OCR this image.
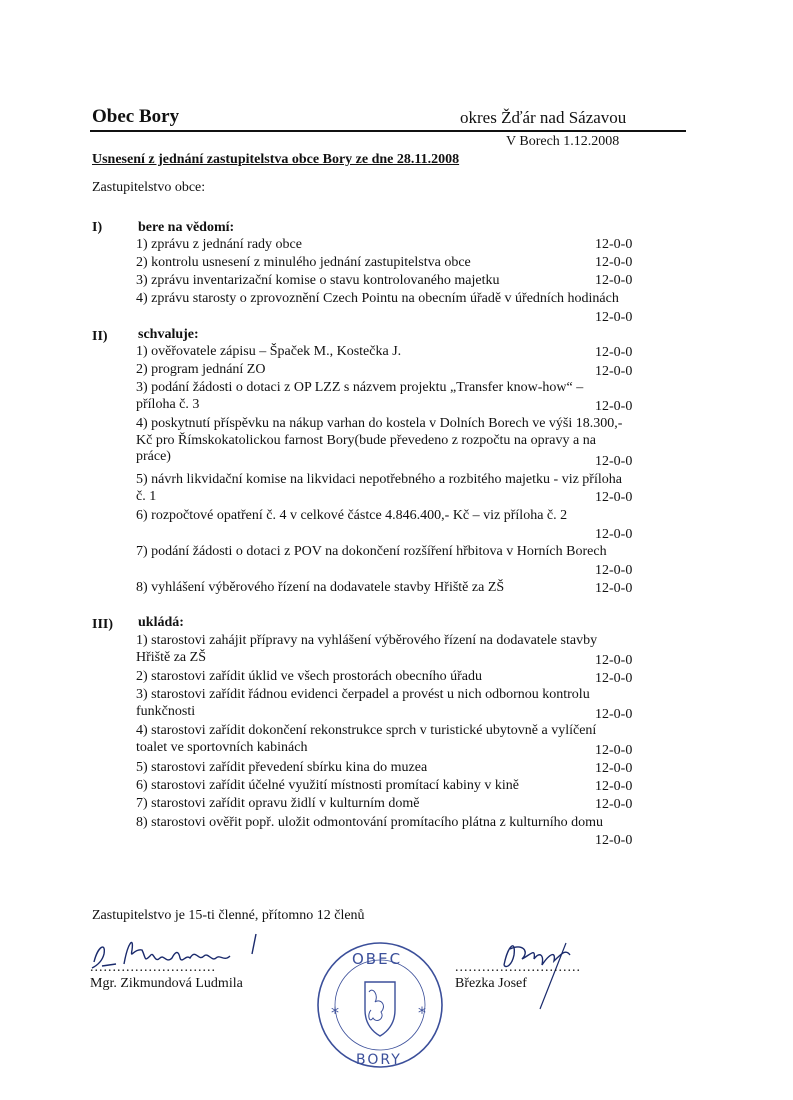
Obec Bory	okres Žďár nad Sázavou
V Borech 1.12.2008
Usnesení z jednání zastupitelstva obce Bory ze dne 28.11.2008
Zastupitelstvo obce:
I)	bere na vědomí:
1) zprávu z jednání rady obce	12-0-0
2) kontrolu usnesení z minulého jednání zastupitelstva obce	12-0-0
3) zprávu inventarizační komise o stavu kontrolovaného majetku	12-0-0
4) zprávu starosty o zprovoznění Czech Pointu na obecním úřadě v úředních hodinách
12-0-0
II) schvaluje:
1) ověřovatele zápisu – Špaček M., Kostečka J.	12-0-0
2) program jednání ZO	12-0-0
3) podání žádosti o dotaci z OP LZZ s názvem projektu „Transfer know-how“ –
příloha č. 3	12-0-0
4) poskytnutí příspěvku na nákup varhan do kostela v Dolních Borech ve výši 18.300,-
Kč pro Římskokatolickou farnost Bory(bude převedeno z rozpočtu na opravy a na
práce)	12-0-0
5) návrh likvidační komise na likvidaci nepotřebného a rozbitého majetku - viz příloha
č. 1	12-0-0
6) rozpočtové opatření č. 4 v celkové částce 4.846.400,- Kč – viz příloha č. 2
12-0-0
7) podání žádosti o dotaci z POV na dokončení rozšíření hřbitova v Horních Borech
12-0-0
8) vyhlášení výběrového řízení na dodavatele stavby Hřiště za ZŠ	12-0-0
III) ukládá:
1) starostovi zahájit přípravy na vyhlášení výběrového řízení na dodavatele stavby
Hřiště za ZŠ	12-0-0
2) starostovi zařídit úklid ve všech prostorách obecního úřadu	12-0-0
3) starostovi zařídit řádnou evidenci čerpadel a provést u nich odbornou kontrolu
funkčnosti	12-0-0
4) starostovi zařídit dokončení rekonstrukce sprch v turistické ubytovně a vylíčení
toalet ve sportovních kabinách	12-0-0
5) starostovi zařídit převedení sbírku kina do muzea	12-0-0
6) starostovi zařídit účelné využití místnosti promítací kabiny v kině	12-0-0
7) starostovi zařídit opravu židlí v kulturním domě	12-0-0
8) starostovi ověřit popř. uložit odmontování promítacího plátna z kulturního domu
12-0-0
Zastupitelstvo je 15-ti členné, přítomno 12 členů
............................
Mgr. Zikmundová Ludmila
*	*
OBEC
BORY
............................
Březka Josef
